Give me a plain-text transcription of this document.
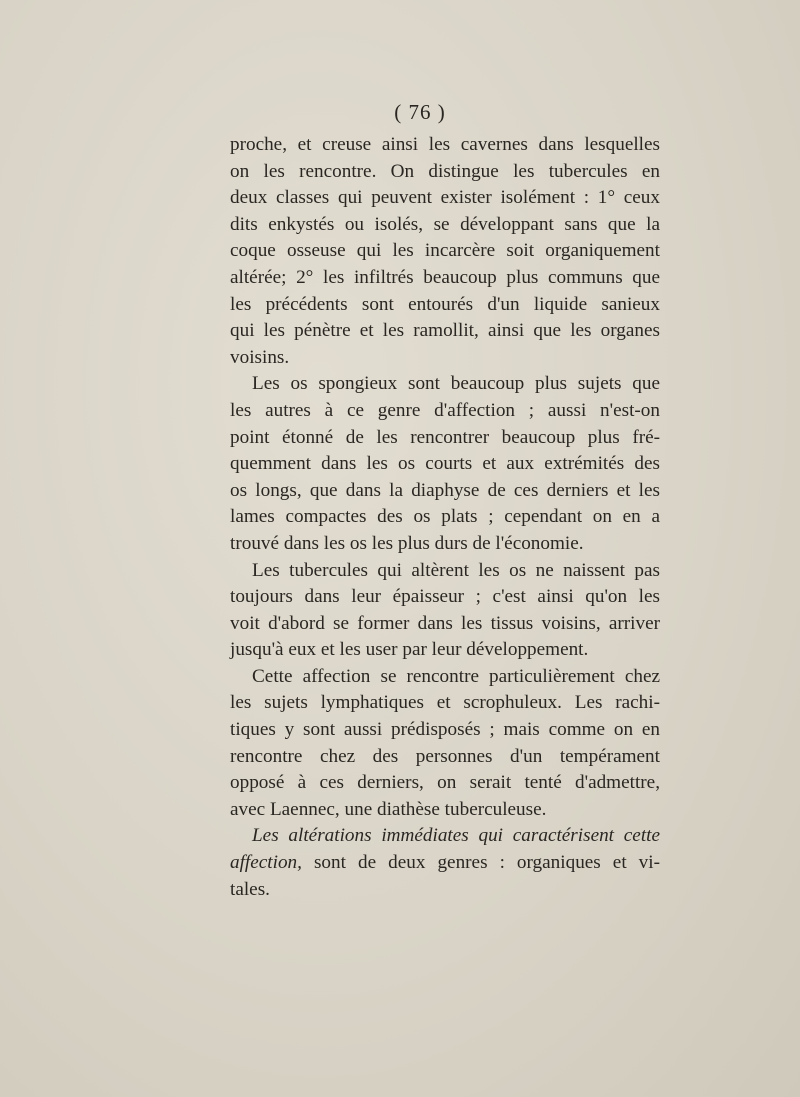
( 76 )
proche, et creuse ainsi les cavernes dans lesquelles
on les rencontre. On distingue les tubercules en
deux classes qui peuvent exister isolément : 1° ceux
dits enkystés ou isolés, se développant sans que la
coque osseuse qui les incarcère soit organiquement
altérée; 2° les infiltrés beaucoup plus communs que
les précédents sont entourés d'un liquide sanieux
qui les pénètre et les ramollit, ainsi que les organes
voisins.
Les os spongieux sont beaucoup plus sujets que
les autres à ce genre d'affection ; aussi n'est-on
point étonné de les rencontrer beaucoup plus fré-
quemment dans les os courts et aux extrémités des
os longs, que dans la diaphyse de ces derniers et les
lames compactes des os plats ; cependant on en a
trouvé dans les os les plus durs de l'économie.
Les tubercules qui altèrent les os ne naissent pas
toujours dans leur épaisseur ; c'est ainsi qu'on les
voit d'abord se former dans les tissus voisins, arriver
jusqu'à eux et les user par leur développement.
Cette affection se rencontre particulièrement chez
les sujets lymphatiques et scrophuleux. Les rachi-
tiques y sont aussi prédisposés ; mais comme on en
rencontre chez des personnes d'un tempérament
opposé à ces derniers, on serait tenté d'admettre,
avec Laennec, une diathèse tuberculeuse.
Les altérations immédiates qui caractérisent cette
affection, sont de deux genres : organiques et vi-
tales.
